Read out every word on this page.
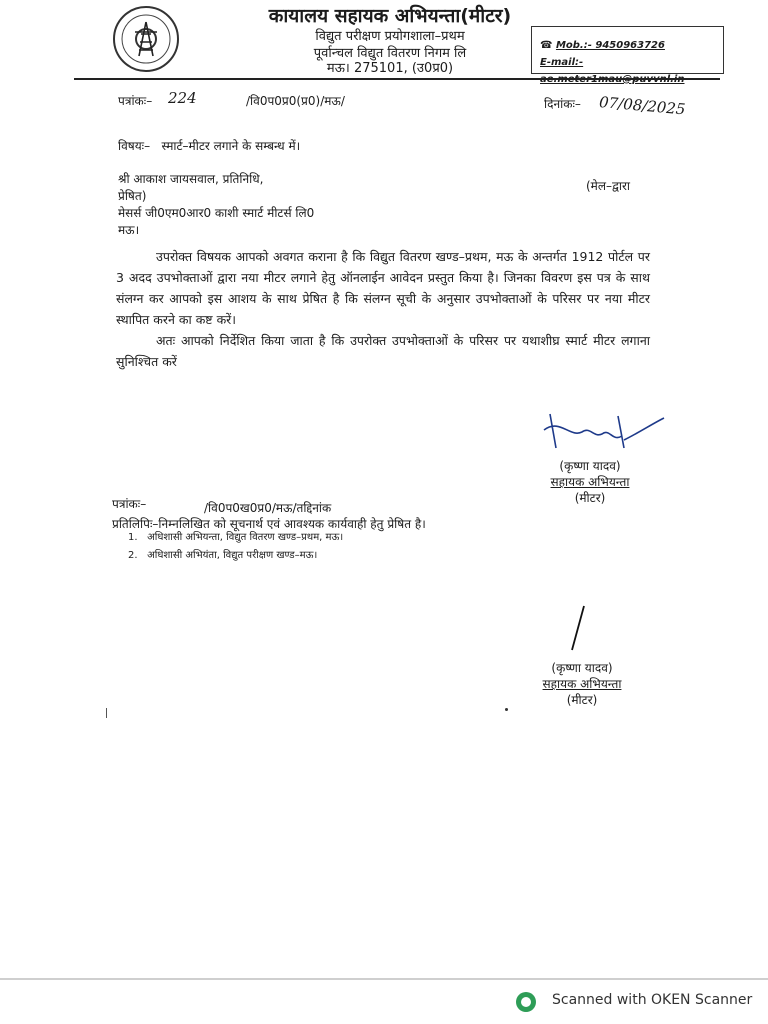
कायालय सहायक अभियन्ता(मीटर)
विद्युत परीक्षण प्रयोगशाला–प्रथम
पूर्वान्चल विद्युत वितरण निगम लि
मऊ। 275101, (उ0प्र0)
☎ Mob.:- 9450963726
E-mail:-
पत्रांकः– 224	/वि0प0प्र0(प्र0)/मऊ/	दिनांकः– 07/08/2025
विषयः–   स्मार्ट–मीटर लगाने के सम्बन्ध में।
श्री आकाश जायसवाल, प्रतिनिधि,
प्रेषित)
मेसर्स जी0एम0आर0 काशी स्मार्ट मीटर्स लि0
मऊ।
(मेल–द्वारा
उपरोक्त विषयक आपको अवगत कराना है कि विद्युत वितरण खण्ड–प्रथम, मऊ के अन्तर्गत 1912 पोर्टल पर 3 अदद उपभोक्ताओं द्वारा नया मीटर लगाने हेतु ऑनलाईन आवेदन प्रस्तुत किया है। जिनका विवरण इस पत्र के साथ संलग्न कर आपको इस आशय के साथ प्रेषित है कि संलग्न सूची के अनुसार उपभोक्ताओं के परिसर पर नया मीटर स्थापित करने का कष्ट करें।
अतः आपको निर्देशित किया जाता है कि उपरोक्त उपभोक्ताओं के परिसर पर यथाशीघ्र स्मार्ट मीटर लगाना सुनिश्चित करें
(कृष्णा यादव)
सहायक अभियन्ता
(मीटर)
पत्रांकः–	/वि0प0ख0प्र0/मऊ/तद्दिनांक
प्रतिलिपिः–निम्नलिखित को सूचनार्थ एवं आवश्यक कार्यवाही हेतु प्रेषित है।
1.   अधिशासी अभियन्ता, विद्युत वितरण खण्ड–प्रथम, मऊ।
2.   अधिशासी अभियंता, विद्युत परीक्षण खण्ड–मऊ।
(कृष्णा यादव)
सहायक अभियन्ता
(मीटर)
Scanned with OKEN Scanner
